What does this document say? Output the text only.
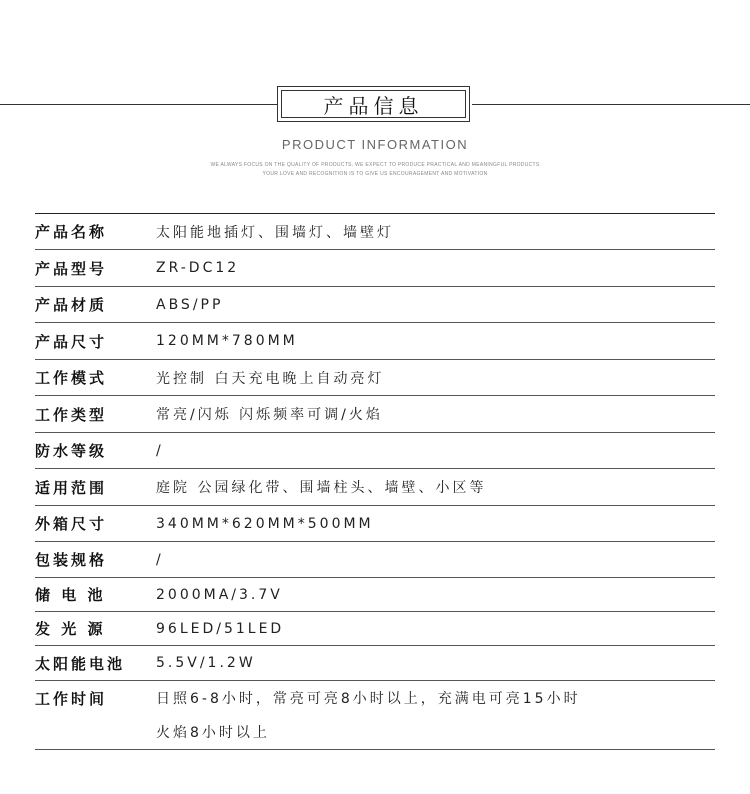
产品信息
PRODUCT INFORMATION
WE ALWAYS FOCUS ON THE QUALITY OF PRODUCTS, WE EXPECT TO PRODUCE PRACTICAL AND MEANINGFUL PRODUCTS
YOUR LOVE AND RECOGNITION IS TO GIVE US ENCOURAGEMENT AND MOTIVATION
产品名称	太阳能地插灯、围墙灯、墙壁灯
产品型号	ZR-DC12
产品材质	ABS/PP
产品尺寸	120MM*780MM
工作模式	光控制 白天充电晚上自动亮灯
工作类型	常亮/闪烁 闪烁频率可调/火焰
防水等级	/
适用范围	庭院 公园绿化带、围墙柱头、墙壁、小区等
外箱尺寸	340MM*620MM*500MM
包装规格	/
储 电 池	2000MA/3.7V
发 光 源	96LED/51LED
太阳能电池	5.5V/1.2W
工作时间	日照6-8小时，常亮可亮8小时以上，充满电可亮15小时
火焰8小时以上
